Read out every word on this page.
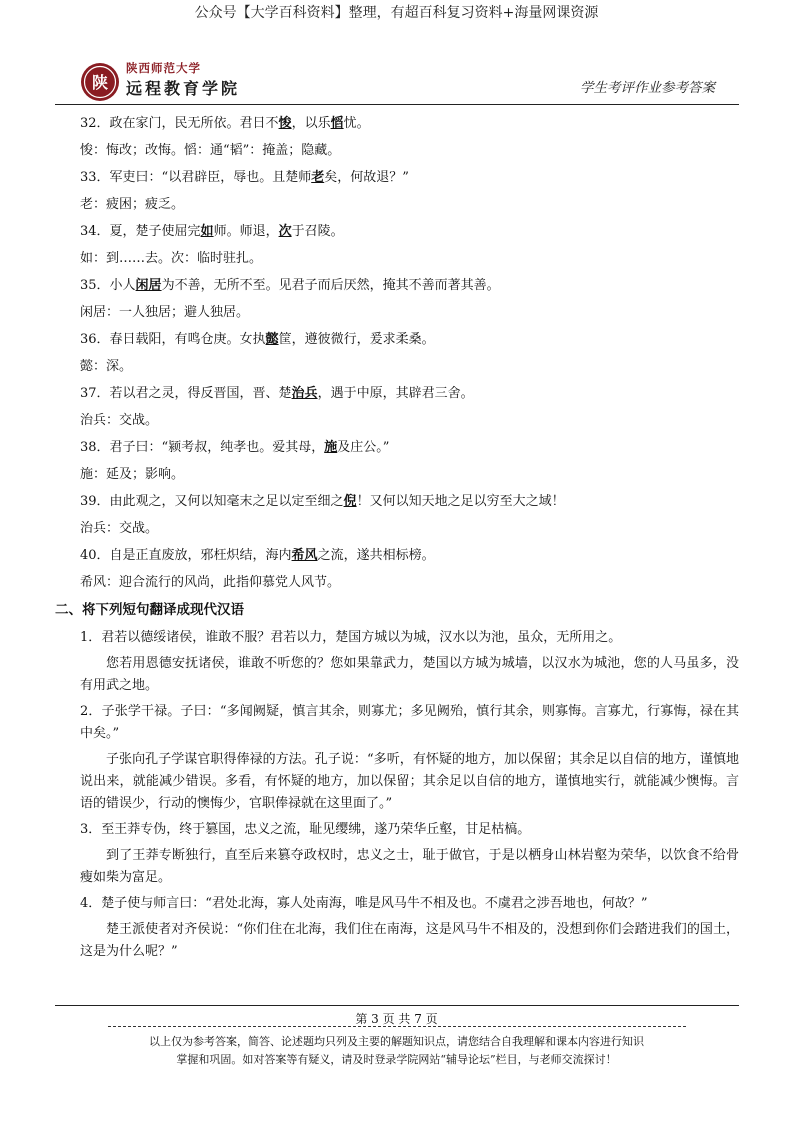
公众号【大学百科资料】整理，有超百科复习资料+海量网课资源
陕
陕西师范大学
远程教育学院	学生考评作业参考答案

32．政在家门，民无所依。君日不悛，以乐慆忧。

悛：悔改；改悔。慆：通“韬”：掩盖；隐藏。

33．军吏曰：“以君辟臣，辱也。且楚师老矣，何故退？”

老：疲困；疲乏。

34．夏，楚子使屈完如师。师退，次于召陵。

如：到……去。次：临时驻扎。

35．小人闲居为不善，无所不至。见君子而后厌然，掩其不善而著其善。

闲居：一人独居；避人独居。

36．春日载阳，有鸣仓庚。女执懿筐，遵彼微行，爰求柔桑。

懿：深。

37．若以君之灵，得反晋国，晋、楚治兵，遇于中原，其辟君三舍。

治兵：交战。

38．君子曰：“颍考叔，纯孝也。爱其母，施及庄公。”

施：延及；影响。

39．由此观之，又何以知毫末之足以定至细之倪！又何以知天地之足以穷至大之域！

治兵：交战。

40．自是正直废放，邪枉炽结，海内希风之流，遂共相标榜。

希风：迎合流行的风尚，此指仰慕党人风节。

二、将下列短句翻译成现代汉语

1．君若以德绥诸侯，谁敢不服？君若以力，楚国方城以为城，汉水以为池，虽众，无所用之。

您若用恩德安抚诸侯，谁敢不听您的？您如果靠武力，楚国以方城为城墙，以汉水为城池，您的人马虽多，没有用武之地。

2．子张学干禄。子曰：“多闻阙疑，慎言其余，则寡尤；多见阙殆，慎行其余，则寡悔。言寡尤，行寡悔，禄在其中矣。”

子张向孔子学谋官职得俸禄的方法。孔子说：“多听，有怀疑的地方，加以保留；其余足以自信的地方，谨慎地说出来，就能减少错误。多看，有怀疑的地方，加以保留；其余足以自信的地方，谨慎地实行，就能减少懊悔。言语的错误少，行动的懊悔少，官职俸禄就在这里面了。”

3．至王莽专伪，终于篡国，忠义之流，耻见缨绋，遂乃荣华丘壑，甘足枯槁。

到了王莽专断独行，直至后来篡夺政权时，忠义之士，耻于做官，于是以栖身山林岩壑为荣华，以饮食不给骨瘦如柴为富足。

4．楚子使与师言曰：“君处北海，寡人处南海，唯是风马牛不相及也。不虞君之涉吾地也，何故？”

楚王派使者对齐侯说：“你们住在北海，我们住在南海，这是风马牛不相及的，没想到你们会踏进我们的国土，这是为什么呢？”

第 3 页 共 7 页
以上仅为参考答案，简答、论述题均只列及主要的解题知识点，请您结合自我理解和课本内容进行知识
掌握和巩固。如对答案等有疑义，请及时登录学院网站“辅导论坛”栏目，与老师交流探讨！
